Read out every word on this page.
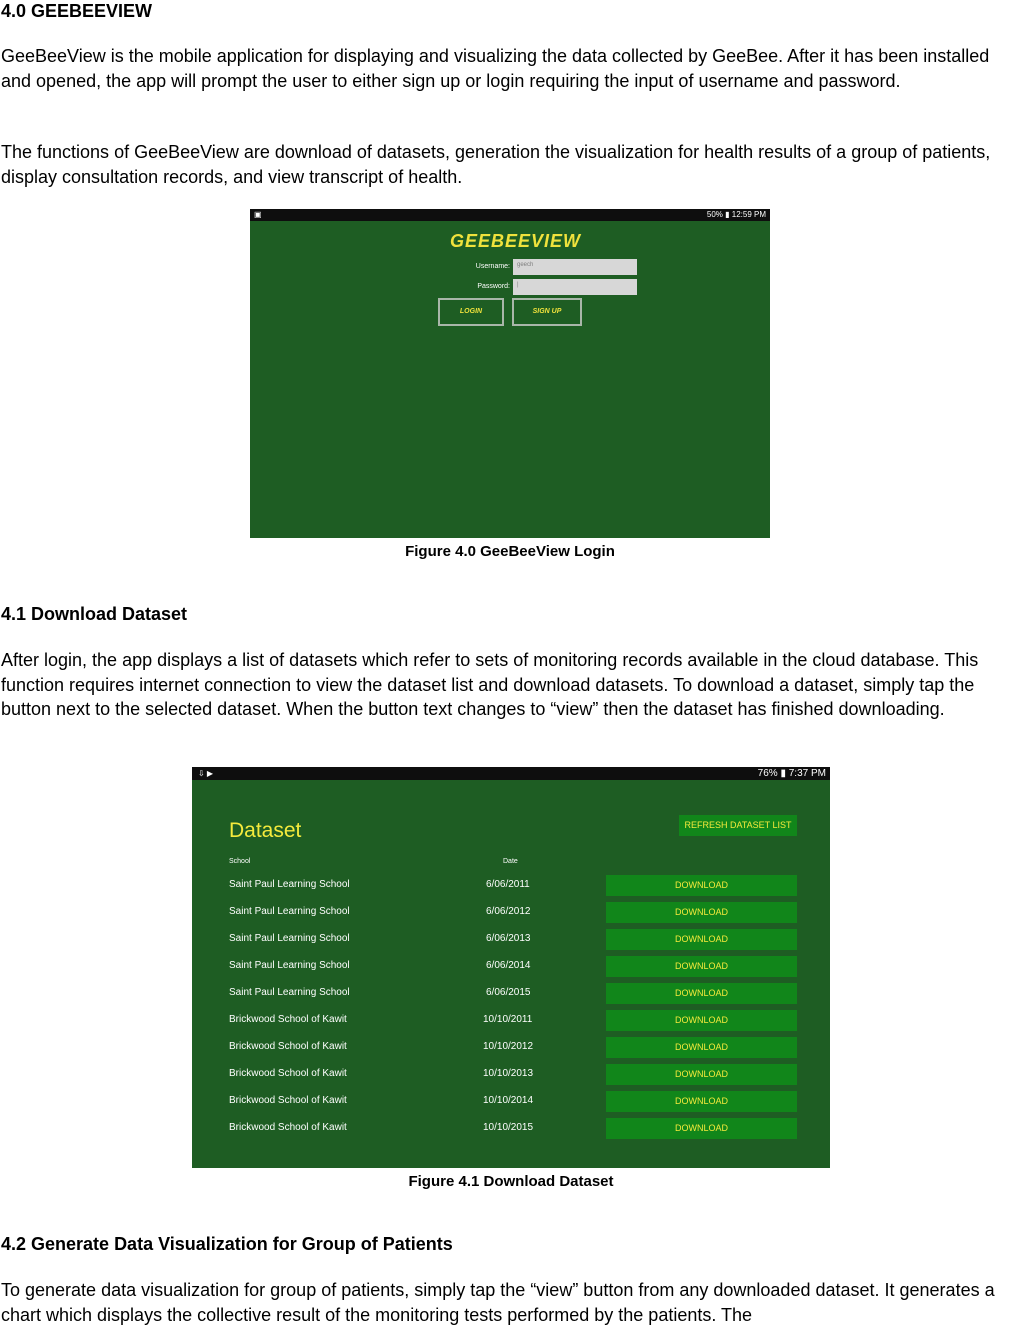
4.0 GEEBEEVIEW

GeeBeeView is the mobile application for displaying and visualizing the data collected by GeeBee. After it has been installed and opened, the app will prompt the user to either sign up or login requiring the input of username and password.

The functions of GeeBeeView are download of datasets, generation the visualization for health results of a group of patients, display consultation records, and view transcript of health.

▣	50% ▮ 12:59 PM
GEEBEEVIEW
Username:	geech
Password:	|
LOGIN	SIGN UP

Figure 4.0 GeeBeeView Login

4.1 Download Dataset

After login, the app displays a list of datasets which refer to sets of monitoring records available in the cloud database. This function requires internet connection to view the dataset list and download datasets. To download a dataset, simply tap the button next to the selected dataset. When the button text changes to “view” then the dataset has finished downloading.

⇩ ▶	76% ▮ 7:37 PM
Dataset	REFRESH DATASET LIST
School	Date
Saint Paul Learning School	6/06/2011	DOWNLOAD
Saint Paul Learning School	6/06/2012	DOWNLOAD
Saint Paul Learning School	6/06/2013	DOWNLOAD
Saint Paul Learning School	6/06/2014	DOWNLOAD
Saint Paul Learning School	6/06/2015	DOWNLOAD
Brickwood School of Kawit	10/10/2011	DOWNLOAD
Brickwood School of Kawit	10/10/2012	DOWNLOAD
Brickwood School of Kawit	10/10/2013	DOWNLOAD
Brickwood School of Kawit	10/10/2014	DOWNLOAD
Brickwood School of Kawit	10/10/2015	DOWNLOAD

Figure 4.1 Download Dataset

4.2 Generate Data Visualization for Group of Patients

To generate data visualization for group of patients, simply tap the “view” button from any downloaded dataset. It generates a chart which displays the collective result of the monitoring tests performed by the patients. The
